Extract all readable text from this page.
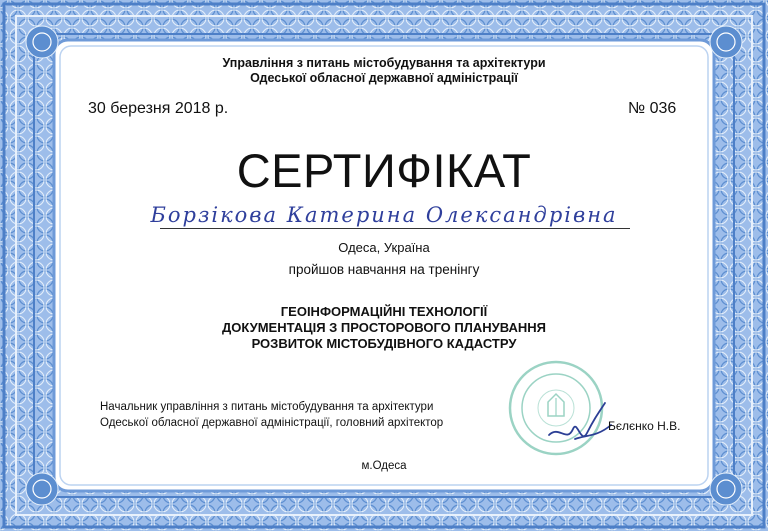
Управління з питань містобудування та архітектури
Одеської обласної державної адміністрації
30 березня 2018 р.	№ 036
СЕРТИФІКАТ
Борзікова Катерина Олександрівна
Одеса, Україна
пройшов навчання на тренінгу
ГЕОІНФОРМАЦІЙНІ ТЕХНОЛОГІЇ
ДОКУМЕНТАЦІЯ З ПРОСТОРОВОГО ПЛАНУВАННЯ
РОЗВИТОК МІСТОБУДІВНОГО КАДАСТРУ
Начальник управління з питань містобудування та архітектури
Одеської обласної державної адміністрації, головний архітектор	Бєлєнко Н.В.
м.Одеса
